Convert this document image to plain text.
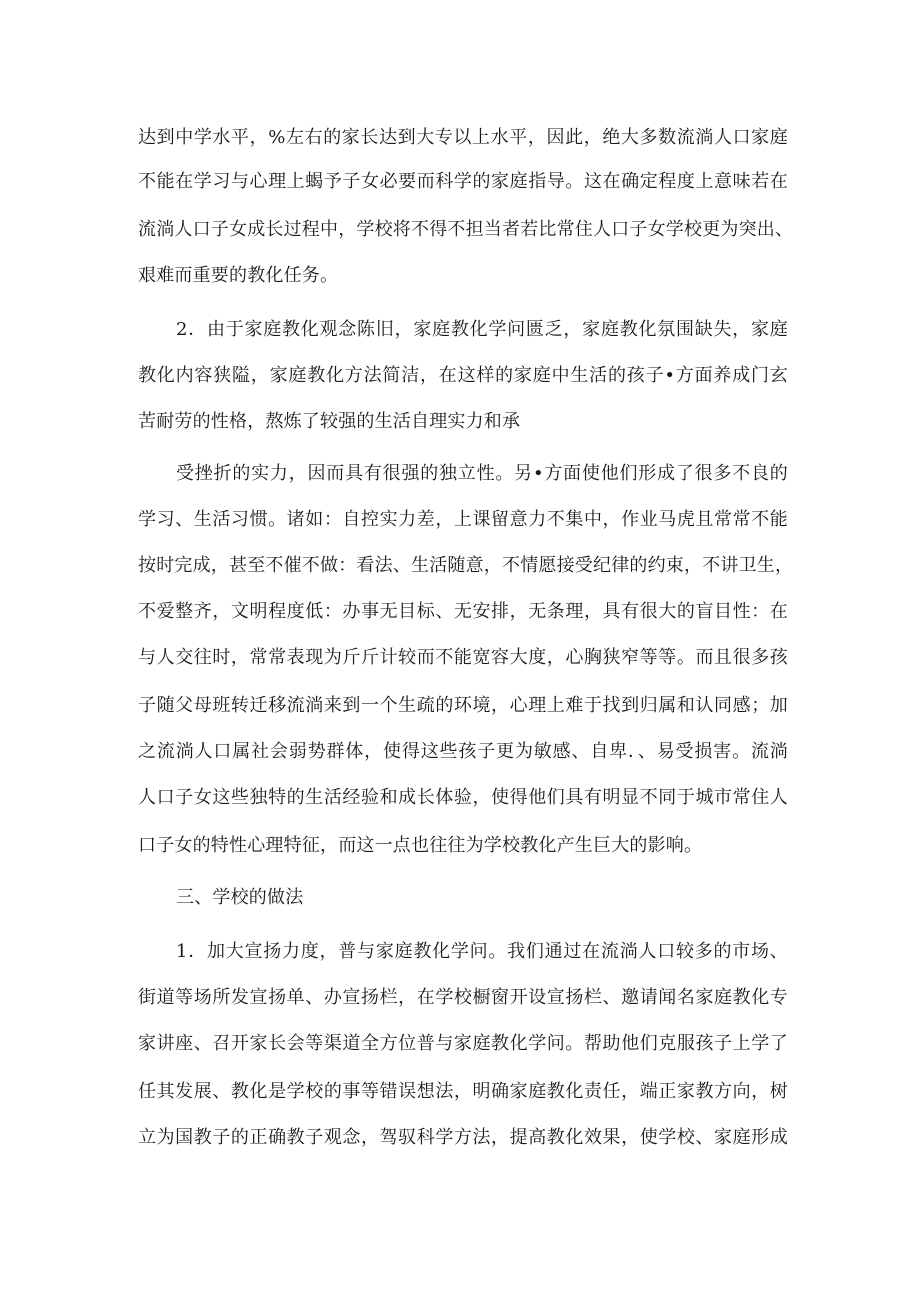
达到中学水平，%左右的家长达到大专以上水平，因此，绝大多数流淌人口家庭
不能在学习与心理上蝎予子女必要而科学的家庭指导。这在确定程度上意味若在
流淌人口子女成长过程中，学校将不得不担当者若比常住人口子女学校更为突出、
艰难而重要的教化任务。
2．由于家庭教化观念陈旧，家庭教化学问匮乏，家庭教化氛围缺失，家庭
教化内容狭隘，家庭教化方法简洁，在这样的家庭中生活的孩子•方面养成门玄
苦耐劳的性格，熬炼了较强的生活自理实力和承
受挫折的实力，因而具有很强的独立性。另•方面使他们形成了很多不良的
学习、生活习惯。诸如：自控实力差，上课留意力不集中，作业马虎且常常不能
按时完成，甚至不催不做：看法、生活随意，不情愿接受纪律的约束，不讲卫生，
不爱整齐，文明程度低：办事无目标、无安排，无条理，具有很大的盲目性：在
与人交往时，常常表现为斤斤计较而不能宽容大度，心胸狭窄等等。而且很多孩
子随父母班转迁移流淌来到一个生疏的环境，心理上难于找到归属和认同感；加
之流淌人口属社会弱势群体，使得这些孩子更为敏感、自卑．、易受损害。流淌
人口子女这些独特的生活经验和成长体验，使得他们具有明显不同于城市常住人
口子女的特性心理特征，而这一点也往往为学校教化产生巨大的影响。
三、学校的做法
1．加大宣扬力度，普与家庭教化学问。我们通过在流淌人口较多的市场、
街道等场所发宣扬单、办宣扬栏，在学校橱窗开设宣扬栏、邀请闻名家庭教化专
家讲座、召开家长会等渠道全方位普与家庭教化学问。帮助他们克服孩子上学了
任其发展、教化是学校的事等错误想法，明确家庭教化责任，端正家教方向，树
立为国教子的正确教子观念，驾驭科学方法，提高教化效果，使学校、家庭形成
